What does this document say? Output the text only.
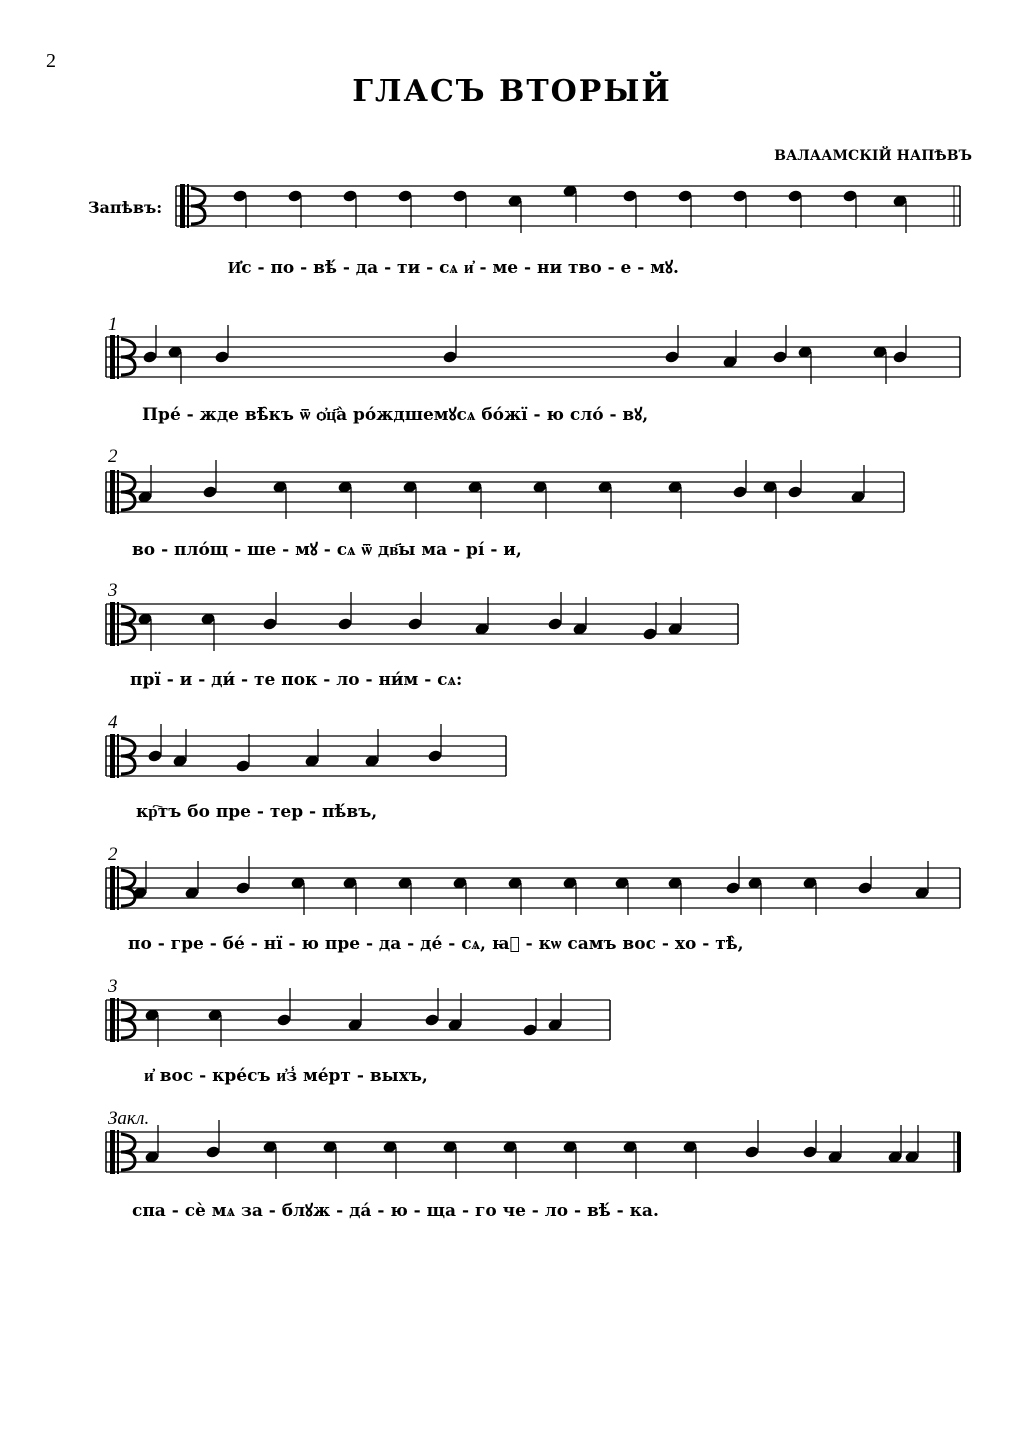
2
ГЛАСЪ ВТОРЫЙ
ВАЛААМСКІЙ НАПѢВЪ
Запѣвъ:
1
2
3
4
2
3
Закл.
И҆с - по - вѣ́ - да - ти - сѧ и҆ - ме - ни тво - е - мꙋ.
Пре́ - жде вѣ̑къ ѿ ѻ҆ц҃а̀ ро́ждшемꙋсѧ бо́жї - ю сло́ - вꙋ,
во - пло́щ - ше - мꙋ - сѧ ѿ дв҃ы ма - рі́ - и,
прї - и - ди́ - те пок - ло - ни́м - сѧ:
кр҇тъ бо пре - тер - пѣ́въ,
по - гре - бе́ - нї - ю пре - да - де́ - сѧ, ꙗ҆ - кѡ самъ вос - хо - тѣ̀,
и҆ вос - кре́съ и҆з̾ ме́рт - выхъ,
спа - сѐ мѧ за - блꙋж - да́ - ю - ща - го че - ло - вѣ́ - ка.
